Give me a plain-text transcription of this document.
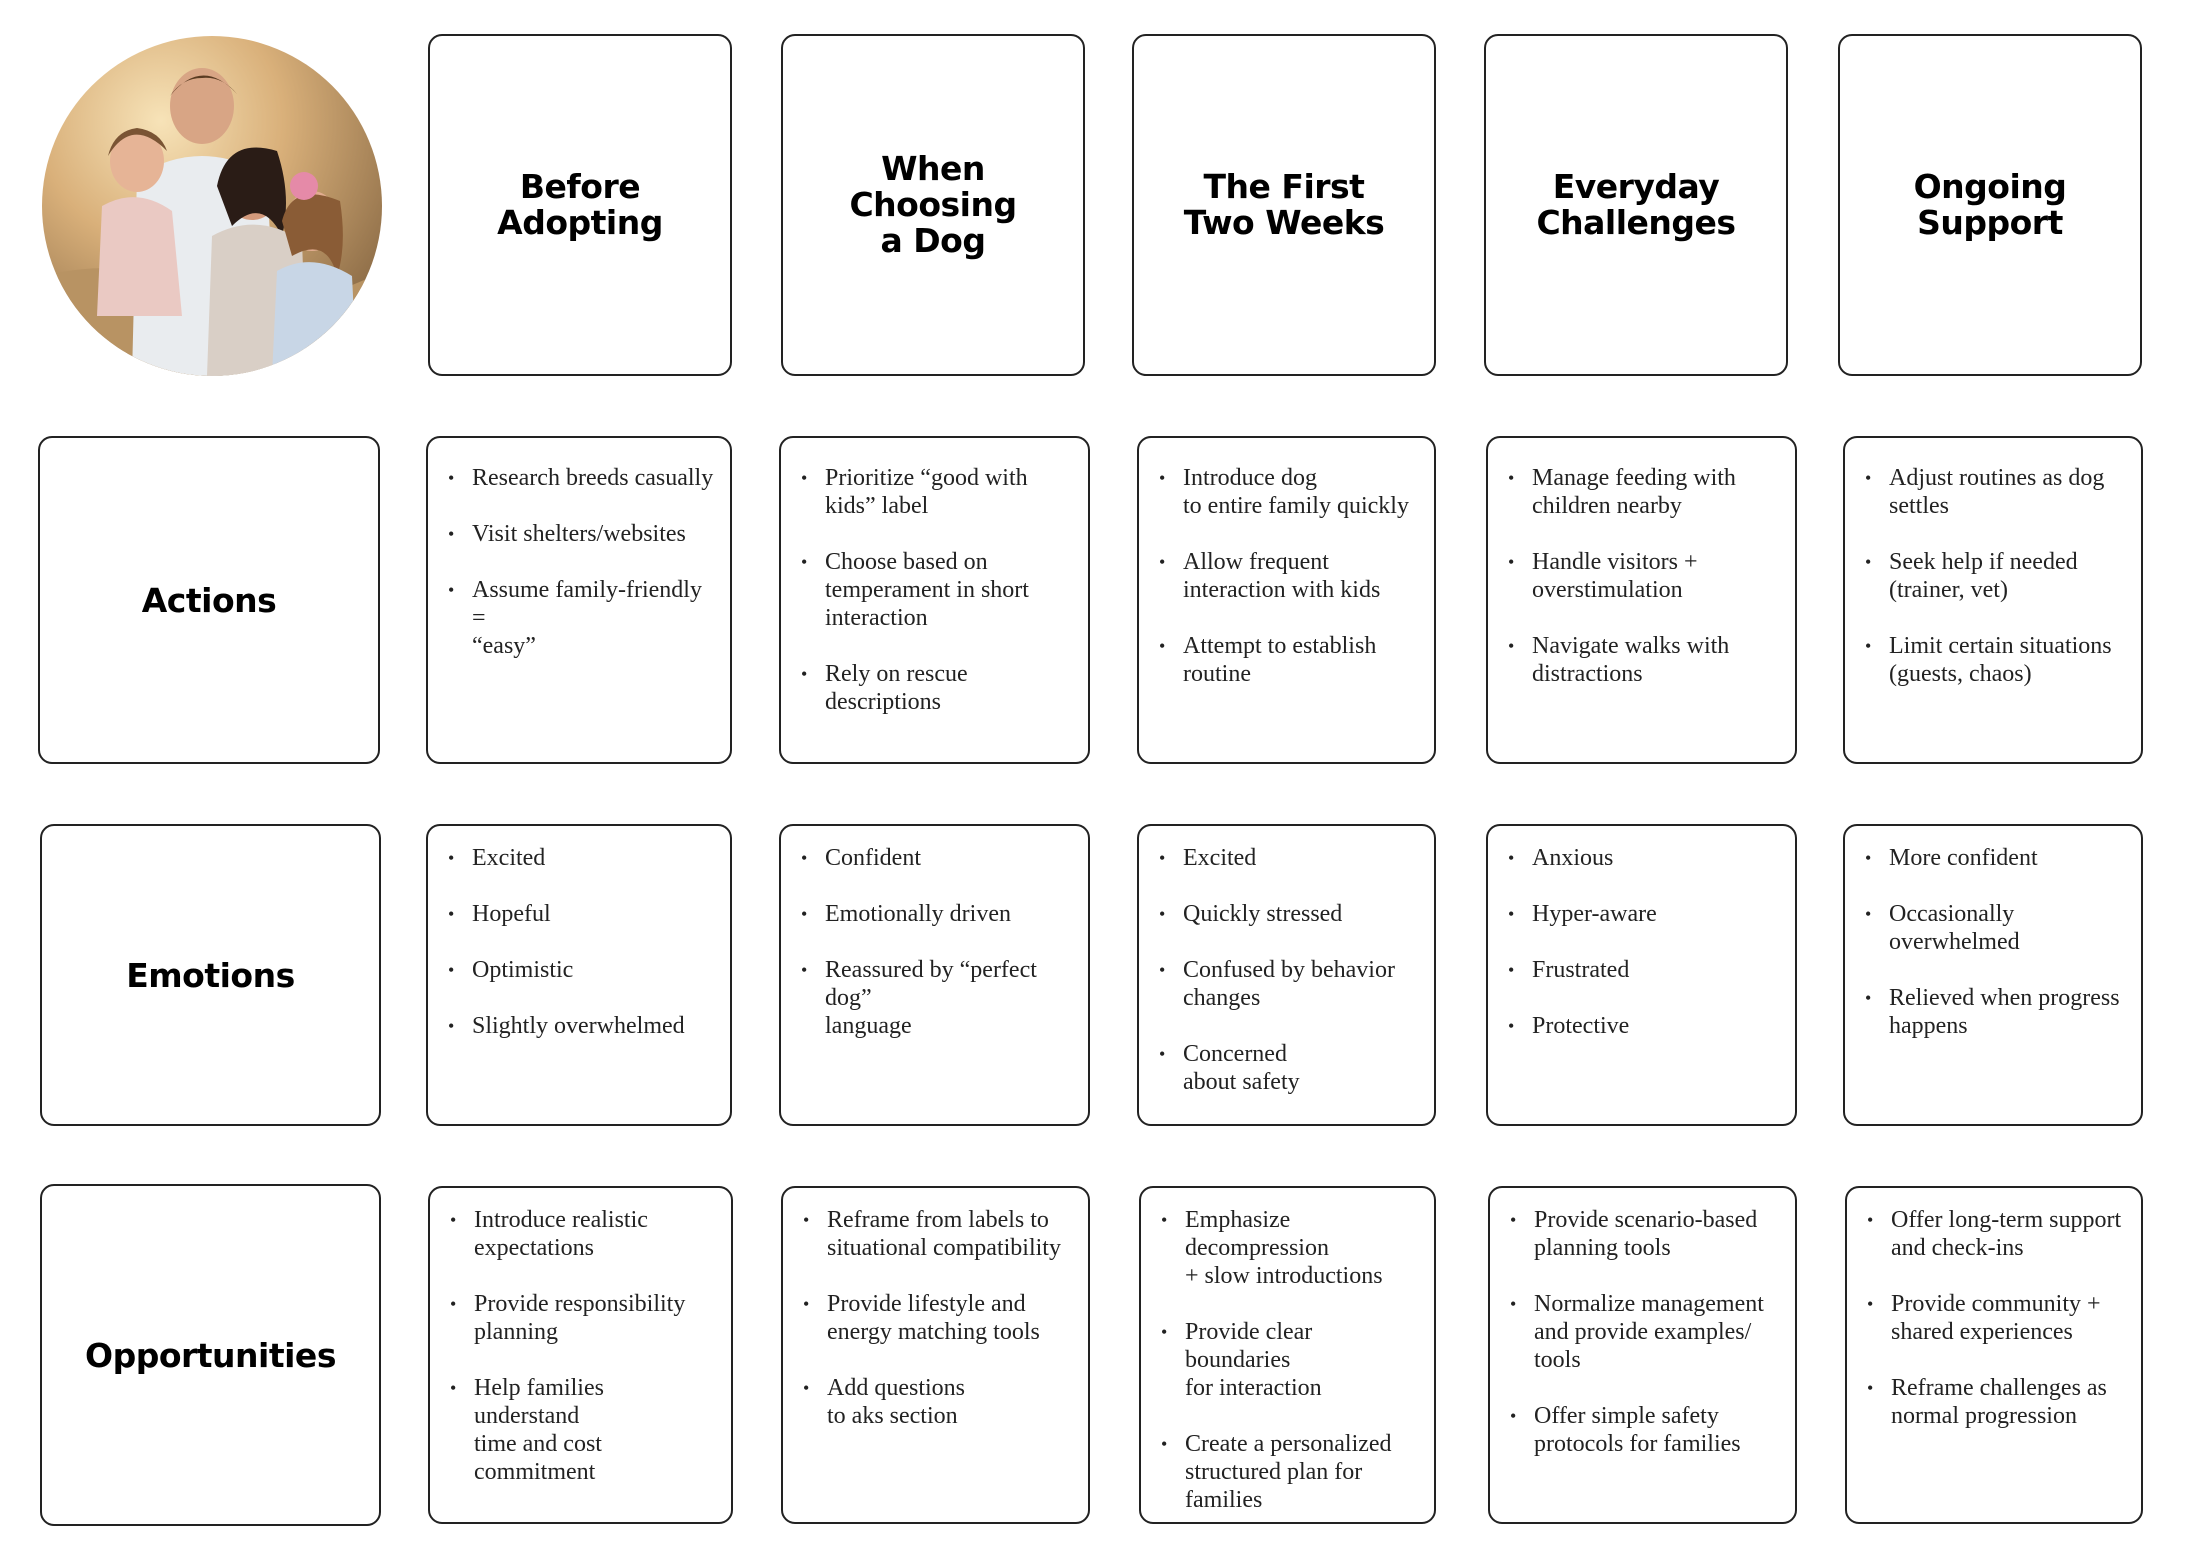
Before
Adopting
When
Choosing
a Dog
The First
Two Weeks
Everyday
Challenges
Ongoing
Support
Actions
Emotions
Opportunities
• Research breeds casually
• Visit shelters/websites
• Assume family-friendly =
“easy”
• Prioritize “good with
kids” label
• Choose based on
temperament in short
interaction
• Rely on rescue
descriptions
• Introduce dog
to entire family quickly
• Allow frequent
interaction with kids
• Attempt to establish
routine
• Manage feeding with
children nearby
• Handle visitors +
overstimulation
• Navigate walks with
distractions
• Adjust routines as dog
settles
• Seek help if needed
(trainer, vet)
• Limit certain situations
(guests, chaos)
• Excited
• Hopeful
• Optimistic
• Slightly overwhelmed
• Confident
• Emotionally driven
• Reassured by “perfect dog”
language
• Excited
• Quickly stressed
• Confused by behavior
changes
• Concerned
about safety
• Anxious
• Hyper-aware
• Frustrated
• Protective
• More confident
• Occasionally
overwhelmed
• Relieved when progress
happens
• Introduce realistic
expectations
• Provide responsibility
planning
• Help families understand
time and cost
commitment
• Reframe from labels to
situational compatibility
• Provide lifestyle and
energy matching tools
• Add questions
to aks section
• Emphasize
decompression
+ slow introductions
• Provide clear boundaries
for interaction
• Create a personalized
structured plan for
families
• Provide scenario-based
planning tools
• Normalize management
and provide examples/
tools
• Offer simple safety
protocols for families
• Offer long-term support
and check-ins
• Provide community +
shared experiences
• Reframe challenges as
normal progression
